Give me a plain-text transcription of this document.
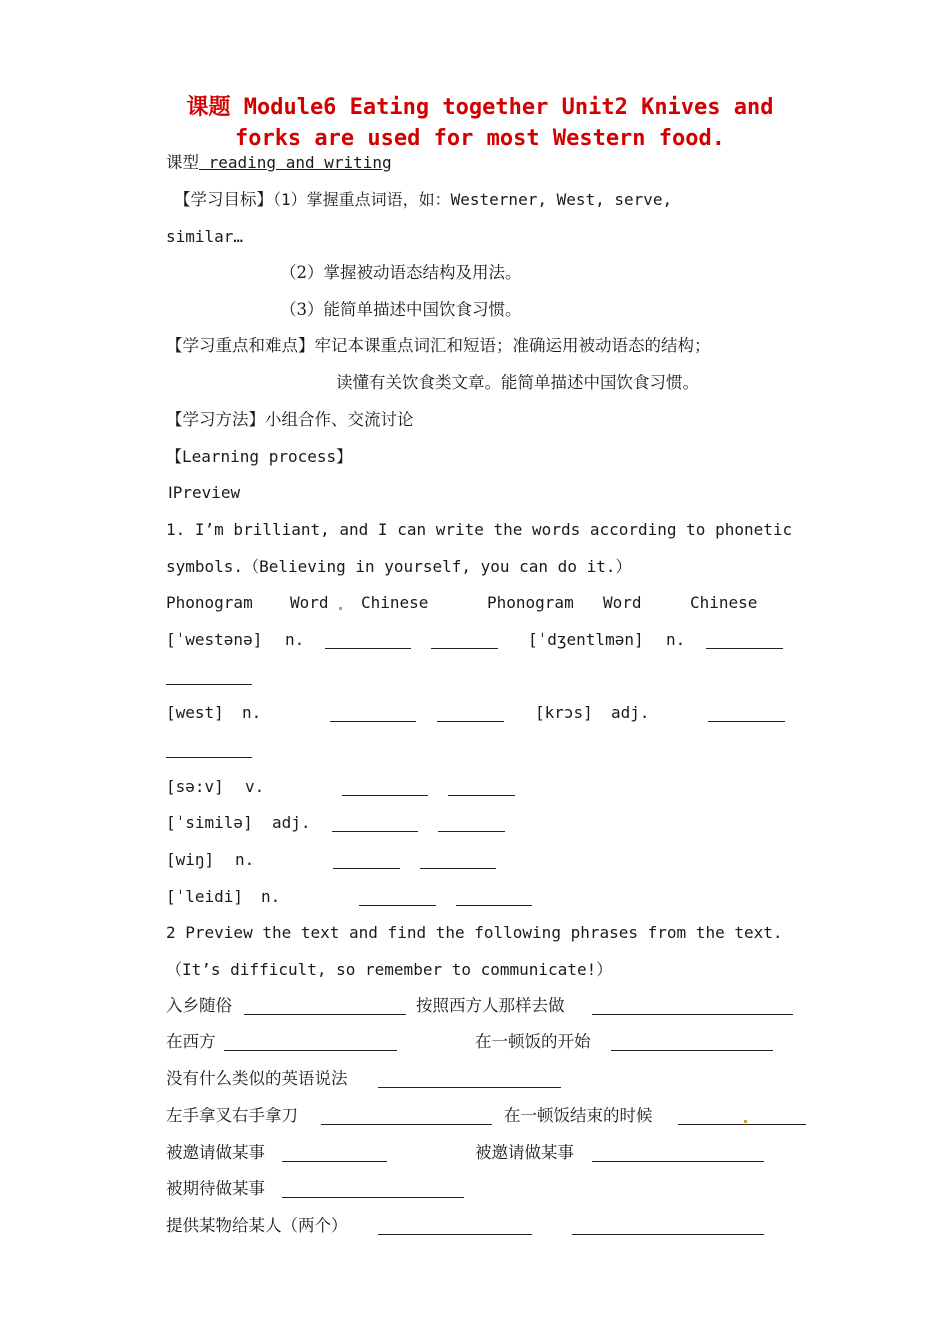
课题 Module6 Eating together Unit2 Knives and
forks are used for most Western food.
课型 reading and writing
【学习目标】（1）掌握重点词语，如：Westerner, West, serve,
similar…
（2）掌握被动语态结构及用法。
（3）能简单描述中国饮食习惯。
【学习重点和难点】牢记本课重点词汇和短语；准确运用被动语态的结构；
读懂有关饮食类文章。能简单描述中国饮食习惯。
【学习方法】小组合作、交流讨论
【Learning process】
ⅠPreview
1. I’m brilliant, and I can write the words according to phonetic
symbols.（Believing in yourself, you can do it.）
Phonogram Word Chinese	Phonogram Word	Chinese
[ˈwestənə] n.	[ˈdʒentlmən] n.
[west] n.	[krɔs] adj.
[sə:v] v.
[ˈsimilə] adj.
[wiŋ] n.
[ˈleidi] n.
2 Preview the text and find the following phrases from the text.
（It’s difficult, so remember to communicate!）
入乡随俗	按照西方人那样去做
在西方	在一顿饭的开始
没有什么类似的英语说法
左手拿叉右手拿刀	在一顿饭结束的时候
被邀请做某事	被邀请做某事
被期待做某事
提供某物给某人（两个）
